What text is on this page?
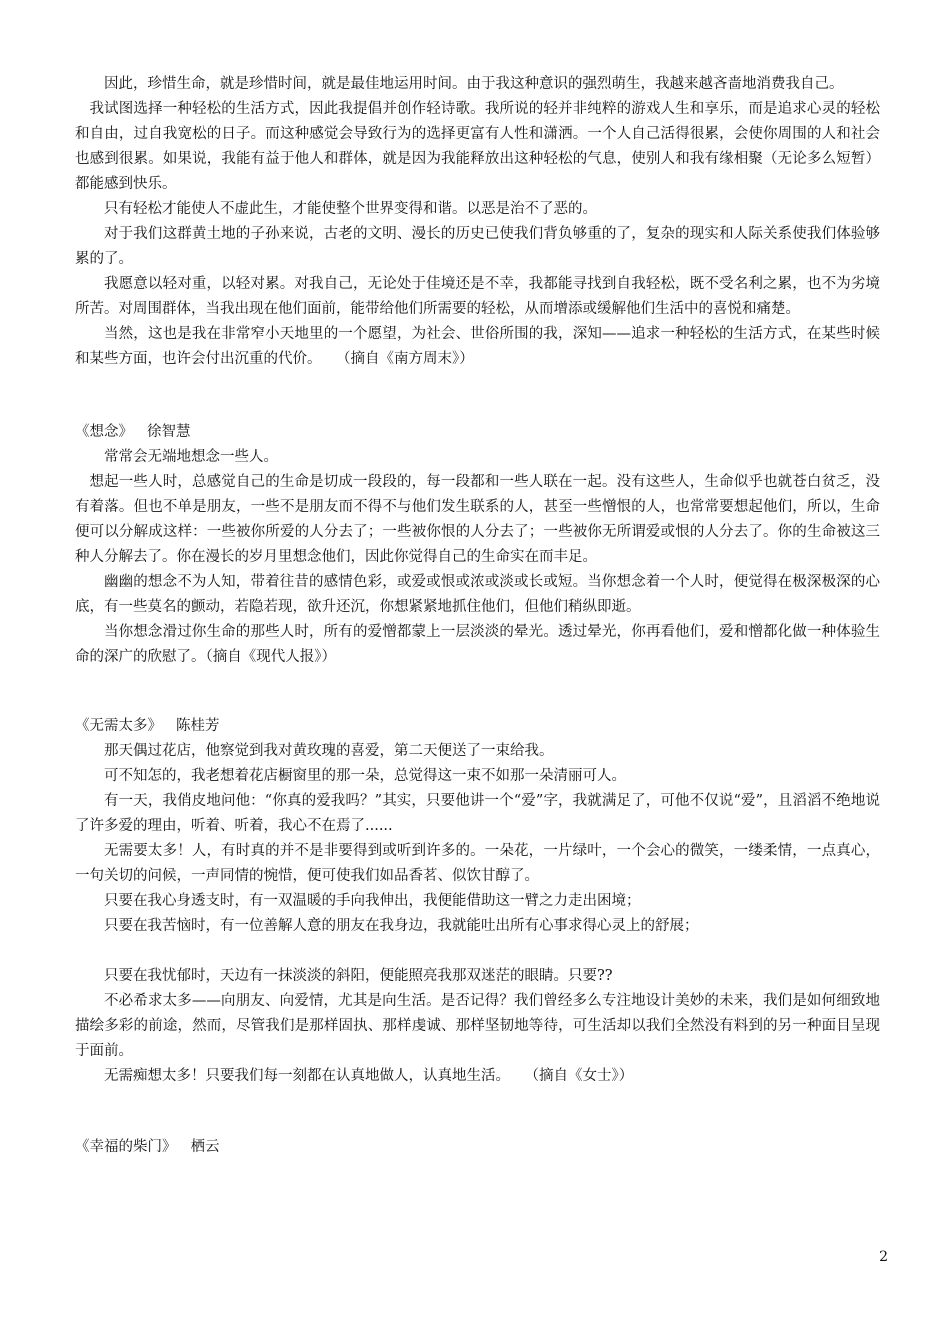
因此，珍惜生命，就是珍惜时间，就是最佳地运用时间。由于我这种意识的强烈萌生，我越来越吝啬地消费我自己。

我试图选择一种轻松的生活方式，因此我提倡并创作轻诗歌。我所说的轻并非纯粹的游戏人生和享乐，而是追求心灵的轻松和自由，过自我宽松的日子。而这种感觉会导致行为的选择更富有人性和潇洒。一个人自己活得很累，会使你周围的人和社会也感到很累。如果说，我能有益于他人和群体，就是因为我能释放出这种轻松的气息，使别人和我有缘相聚（无论多么短暂）都能感到快乐。

只有轻松才能使人不虚此生，才能使整个世界变得和谐。以恶是治不了恶的。

对于我们这群黄土地的子孙来说，古老的文明、漫长的历史已使我们背负够重的了，复杂的现实和人际关系使我们体验够累的了。

我愿意以轻对重，以轻对累。对我自己，无论处于佳境还是不幸，我都能寻找到自我轻松，既不受名利之累，也不为劣境所苦。对周围群体，当我出现在他们面前，能带给他们所需要的轻松，从而增添或缓解他们生活中的喜悦和痛楚。

当然，这也是我在非常窄小天地里的一个愿望，为社会、世俗所围的我，深知——追求一种轻松的生活方式，在某些时候和某些方面，也许会付出沉重的代价。　　（摘自《南方周末》）

《想念》 徐智慧

常常会无端地想念一些人。

想起一些人时，总感觉自己的生命是切成一段段的，每一段都和一些人联在一起。没有这些人，生命似乎也就苍白贫乏，没有着落。但也不单是朋友，一些不是朋友而不得不与他们发生联系的人，甚至一些憎恨的人，也常常要想起他们，所以，生命便可以分解成这样：一些被你所爱的人分去了；一些被你恨的人分去了；一些被你无所谓爱或恨的人分去了。你的生命被这三种人分解去了。你在漫长的岁月里想念他们，因此你觉得自己的生命实在而丰足。

幽幽的想念不为人知，带着往昔的感情色彩，或爱或恨或浓或淡或长或短。当你想念着一个人时，便觉得在极深极深的心底，有一些莫名的颤动，若隐若现，欲升还沉，你想紧紧地抓住他们，但他们稍纵即逝。

当你想念滑过你生命的那些人时，所有的爱憎都蒙上一层淡淡的晕光。透过晕光，你再看他们，爱和憎都化做一种体验生命的深广的欣慰了。（摘自《现代人报》）

《无需太多》 陈桂芳

那天偶过花店，他察觉到我对黄玫瑰的喜爱，第二天便送了一束给我。

可不知怎的，我老想着花店橱窗里的那一朵，总觉得这一束不如那一朵清丽可人。

有一天，我俏皮地问他：“你真的爱我吗？”其实，只要他讲一个“爱”字，我就满足了，可他不仅说“爱”，且滔滔不绝地说了许多爱的理由，听着、听着，我心不在焉了......

无需要太多！人，有时真的并不是非要得到或听到许多的。一朵花，一片绿叶，一个会心的微笑，一缕柔情，一点真心，一句关切的问候，一声同情的惋惜，便可使我们如品香茗、似饮甘醇了。

只要在我心身透支时，有一双温暖的手向我伸出，我便能借助这一臂之力走出困境；

只要在我苦恼时，有一位善解人意的朋友在我身边，我就能吐出所有心事求得心灵上的舒展；

只要在我忧郁时，天边有一抹淡淡的斜阳，便能照亮我那双迷茫的眼睛。只要??

不必希求太多——向朋友、向爱情，尤其是向生活。是否记得？我们曾经多么专注地设计美妙的未来，我们是如何细致地描绘多彩的前途，然而，尽管我们是那样固执、那样虔诚、那样坚韧地等待，可生活却以我们全然没有料到的另一种面目呈现于面前。

无需痴想太多！只要我们每一刻都在认真地做人，认真地生活。　　（摘自《女士》）

《幸福的柴门》 栖云

2
